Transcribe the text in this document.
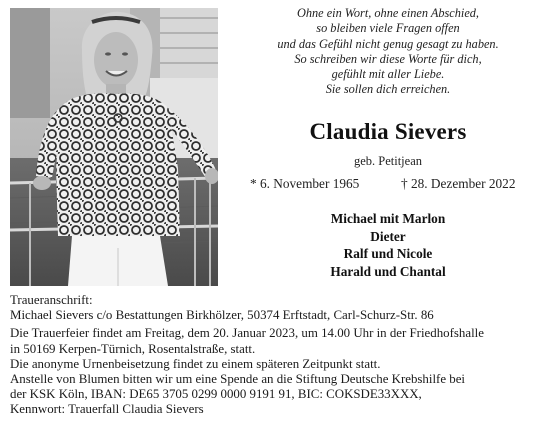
Ohne ein Wort, ohne einen Abschied,
so bleiben viele Fragen offen
und das Gefühl nicht genug gesagt zu haben.
So schreiben wir diese Worte für dich,
gefühlt mit aller Liebe.
Sie sollen dich erreichen.
Claudia Sievers
geb. Petitjean
* 6. November 1965	† 28. Dezember 2022
Michael mit Marlon
Dieter
Ralf und Nicole
Harald und Chantal
Traueranschrift:
Michael Sievers c/o Bestattungen Birkhölzer, 50374 Erftstadt, Carl-Schurz-Str. 86
Die Trauerfeier findet am Freitag, dem 20. Januar 2023, um 14.00 Uhr in der Friedhofshalle
in 50169 Kerpen-Türnich, Rosentalstraße, statt.
Die anonyme Urnenbeisetzung findet zu einem späteren Zeitpunkt statt.
Anstelle von Blumen bitten wir um eine Spende an die Stiftung Deutsche Krebshilfe bei
der KSK Köln, IBAN: DE65 3705 0299 0000 9191 91, BIC: COKSDE33XXX,
Kennwort: Trauerfall Claudia Sievers
